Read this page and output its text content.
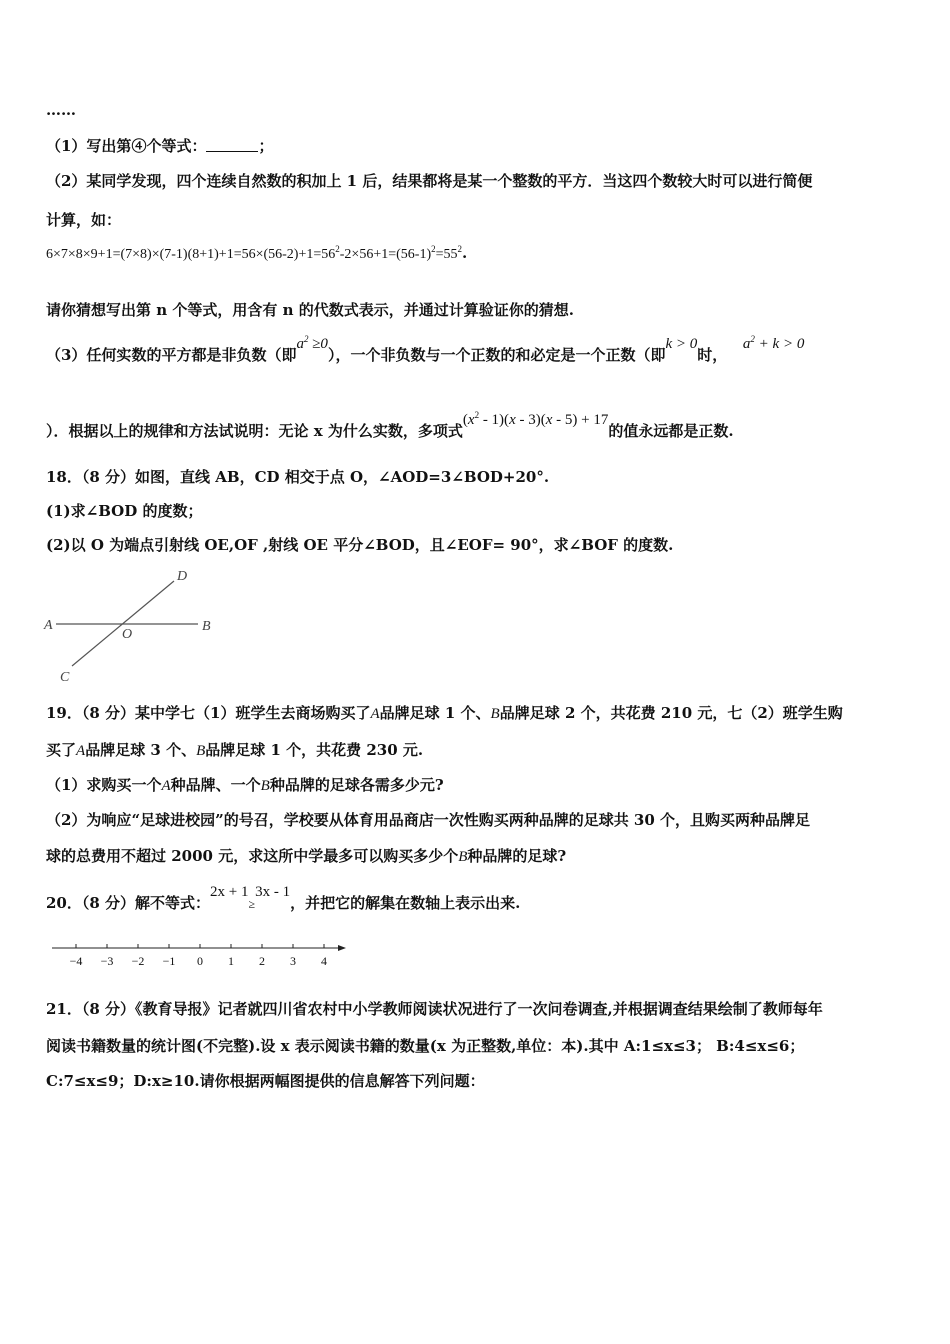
……
（1）写出第④个等式：	；
（2）某同学发现，四个连续自然数的积加上 1 后，结果都将是某一个整数的平方．当这四个数较大时可以进行简便
计算，如：
$6\times 7\times 8\times 9+1=(7\times 8)\times(7-1)(8+1)+1=56\times(56-2)+1=56^2-2\times 56+1=(56-1)^2=55^2$.
请你猜想写出第 n 个等式，用含有 n 的代数式表示，并通过计算验证你的猜想.
（3）任何实数的平方都是非负数（即$a^2 \ge 0$），一个非负数与一个正数的和必定是一个正数（即k > 0时，   $a^2 + k > 0$
）．根据以上的规律和方法试说明：无论 x 为什么实数，多项式$(x^2 - 1)(x - 3)(x - 5) + 17$的值永远都是正数.
18．（8 分）如图，直线 AB，CD 相交于点 O，∠AOD=3∠BOD+20°.
(1)求∠BOD 的度数；
(2)以 O 为端点引射线 OE,OF ,射线 OE 平分∠BOD，且∠EOF= 90°，求∠BOF 的度数.
A	B
C
D
O
19．（8 分）某中学七（1）班学生去商场购买了A品牌足球 1 个、B品牌足球 2 个，共花费 210 元，七（2）班学生购
买了A品牌足球 3 个、B品牌足球 1 个，共花费 230 元.
（1）求购买一个A种品牌、一个B种品牌的足球各需多少元?
（2）为响应“足球进校园”的号召，学校要从体育用品商店一次性购买两种品牌的足球共 30 个，且购买两种品牌足
球的总费用不超过 2000 元，求这所中学最多可以购买多少个B种品牌的足球?
20．（8 分）解不等式：2x + 1≥3x - 1，并把它的解集在数轴上表示出来.
−4 −3 −2 −1 0 1 2 3 4
21．（8 分）《教育导报》记者就四川省农村中小学教师阅读状况进行了一次问卷调查,并根据调查结果绘制了教师每年
阅读书籍数量的统计图(不完整).设 x 表示阅读书籍的数量(x 为正整数,单位：本).其中 A:1≤x≤3； B:4≤x≤6；
C:7≤x≤9；D:x≥10.请你根据两幅图提供的信息解答下列问题：
